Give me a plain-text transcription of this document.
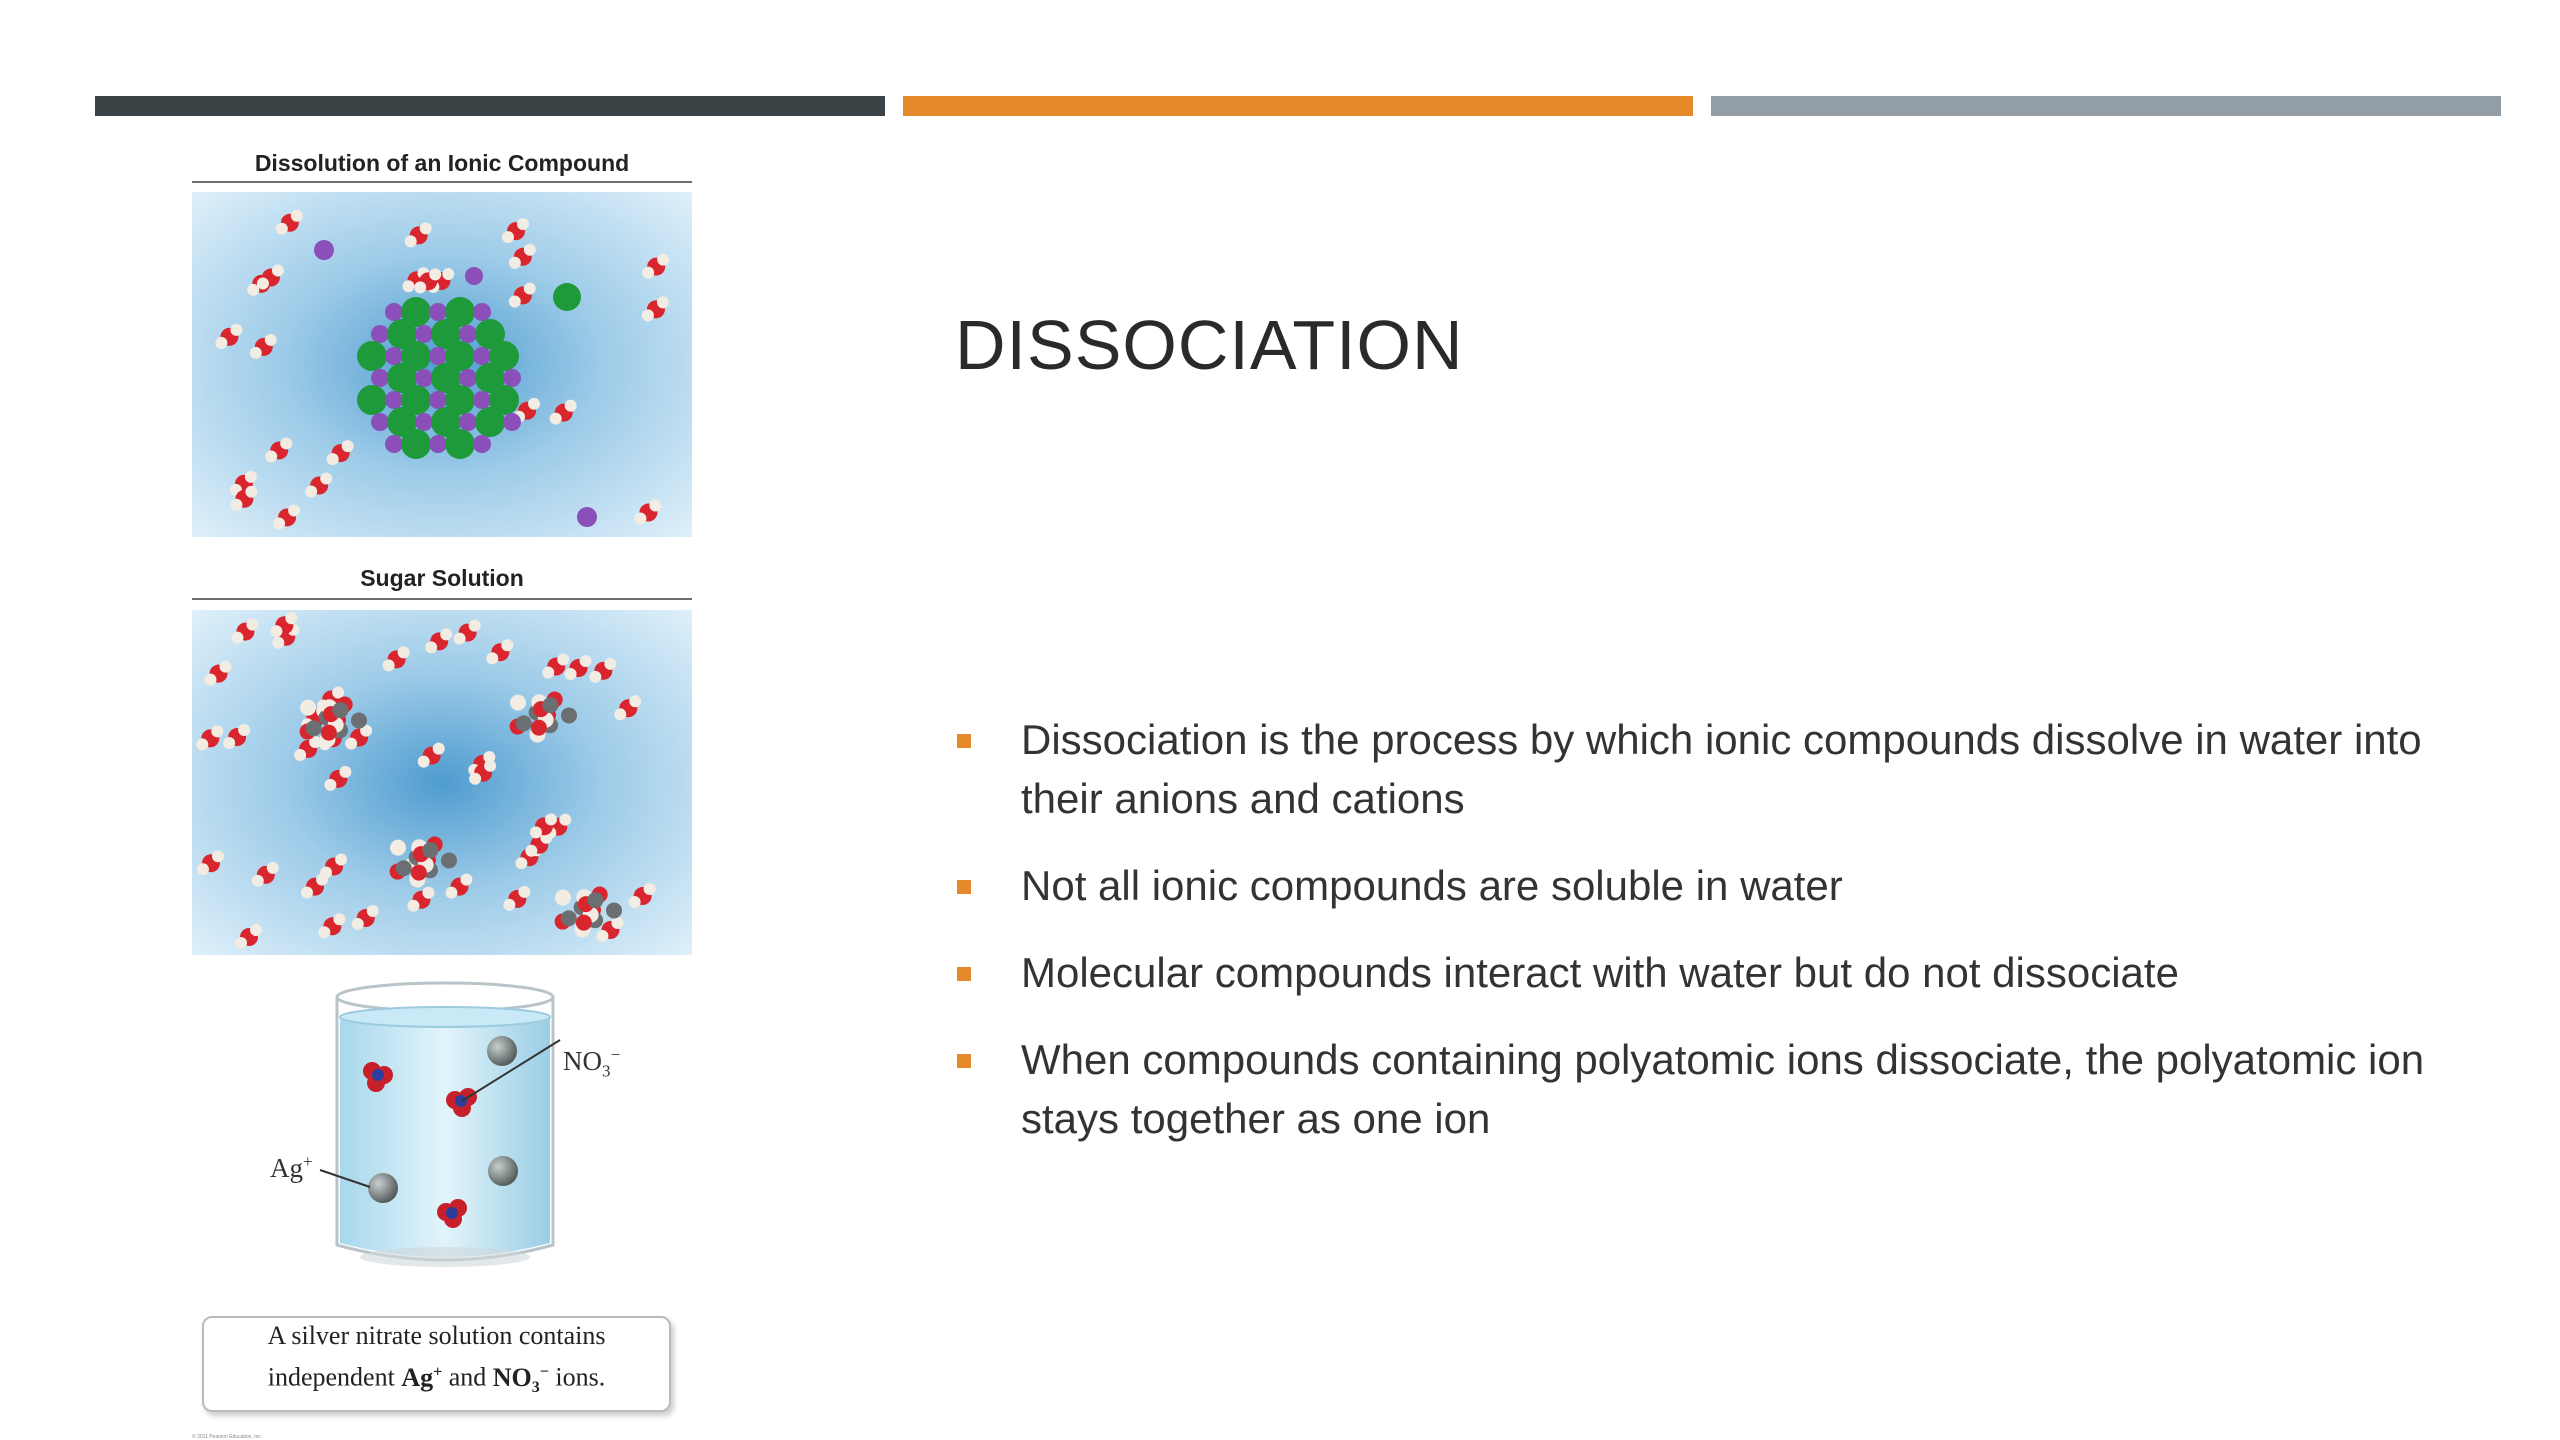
Dissolution of an Ionic Compound
Sugar Solution
$NO_3^-$
Ag+
A silver nitrate solution contains
independent Ag+ and $NO_3^-$ ions.
© 2011 Pearson Education, Inc.
DISSOCIATION
Dissociation is the process by which ionic compounds dissolve in water into their anions and cations
Not all ionic compounds are soluble in water
Molecular compounds interact with water but do not dissociate
When compounds containing polyatomic ions dissociate, the polyatomic ion stays together as one ion
